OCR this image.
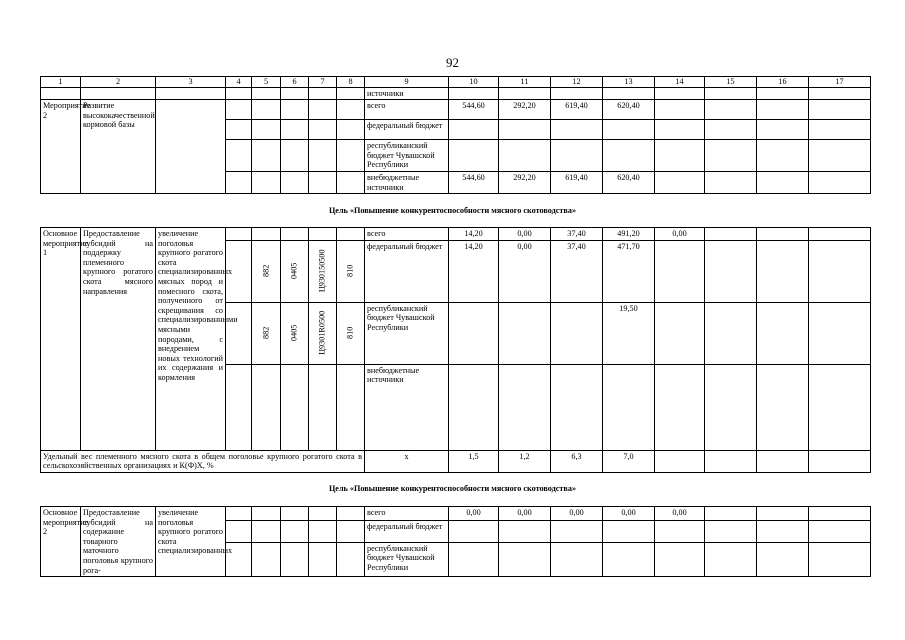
92
1	2	3	4	5	6	7	8	9	10	11	12	13	14	15	16	17
								источники								
Мероприятие 2	Развитие высококачественной кормовой базы							всего	544,60	292,20	619,40	620,40				
								федеральный бюджет								
								республиканский бюджет Чувашской Республики								
								внебюджетные источники	544,60	292,20	619,40	620,40				
Цель «Повышение конкурентоспособности мясного скотоводства»
Основное мероприятие 1	Предоставление субсидий на поддержку племенного крупного рогатого скота мясного направления	увеличение поголовья крупного рогатого скота специализированных мясных пород и помесного скота, полученного от скрещивания со специализированными мясными породами, с внедрением новых технологий их содержания и кормления						всего	14,20	0,00	37,40	491,20	0,00			

				882	0405	Ц930150500	810	федеральный бюджет	14,20	0,00	37,40	471,70				

				882	0405	Ц9301R0500	810	республиканский бюджет Чувашской Республики				19,50				
								внебюджетные источники								
Удельный вес племенного мясного скота в общем поголовье крупного рогатого скота в сельскохозяйственных организациях и К(Ф)Х, %								х	1,5	1,2	6,3	7,0				
Цель «Повышение конкурентоспособности мясного скотоводства»
Основное мероприятие 2	Предоставление субсидий на содержание товарного маточного поголовья крупного рога-	увеличение поголовья крупного рогатого скота специализированных						всего	0,00	0,00	0,00	0,00	0,00			
								федеральный бюджет								
								республиканский бюджет Чувашской Республики								
